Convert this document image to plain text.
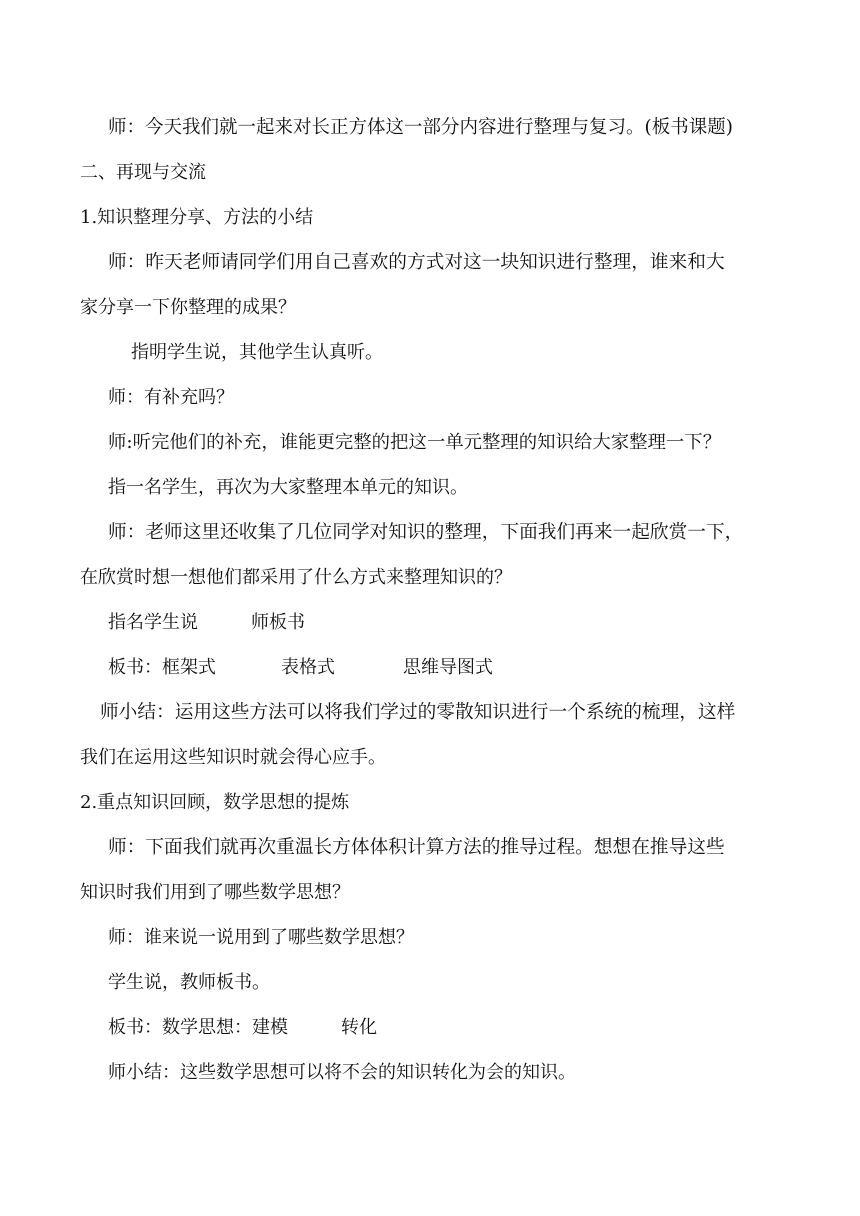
师：今天我们就一起来对长正方体这一部分内容进行整理与复习。(板书课题)
二、再现与交流
1.知识整理分享、方法的小结
师：昨天老师请同学们用自己喜欢的方式对这一块知识进行整理，谁来和大
家分享一下你整理的成果？
指明学生说，其他学生认真听。
师：有补充吗？
师:听完他们的补充，谁能更完整的把这一单元整理的知识给大家整理一下？
指一名学生，再次为大家整理本单元的知识。
师：老师这里还收集了几位同学对知识的整理，下面我们再来一起欣赏一下，
在欣赏时想一想他们都采用了什么方式来整理知识的？
指名学生说	师板书
板书：框架式	表格式	思维导图式
师小结：运用这些方法可以将我们学过的零散知识进行一个系统的梳理，这样
我们在运用这些知识时就会得心应手。
2.重点知识回顾，数学思想的提炼
师：下面我们就再次重温长方体体积计算方法的推导过程。想想在推导这些
知识时我们用到了哪些数学思想？
师：谁来说一说用到了哪些数学思想？
学生说，教师板书。
板书：数学思想：建模	转化
师小结：这些数学思想可以将不会的知识转化为会的知识。
